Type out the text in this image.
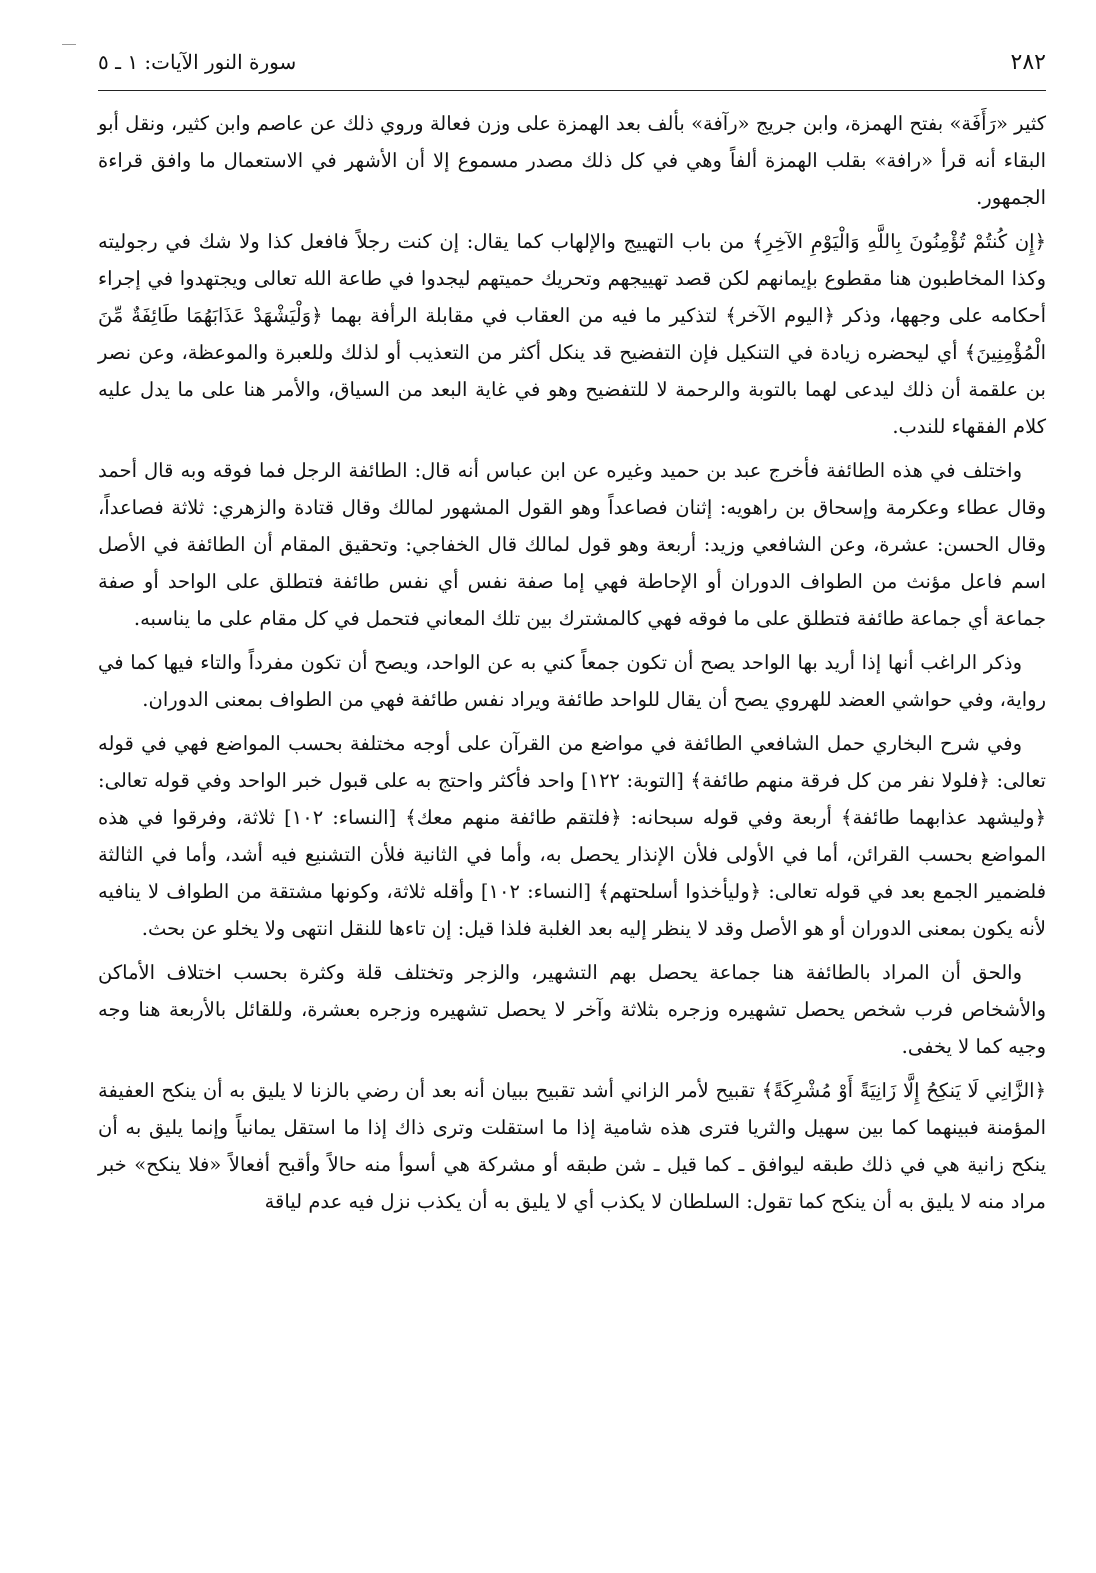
٢٨٢
سورة النور الآيات: ١ ـ ٥

كثير «رَأَفَة» بفتح الهمزة، وابن جريج «رآفة» بألف بعد الهمزة على وزن فعالة وروي ذلك عن عاصم وابن كثير، ونقل أبو البقاء أنه قرأ «رافة» بقلب الهمزة ألفاً وهي في كل ذلك مصدر مسموع إلا أن الأشهر في الاستعمال ما وافق قراءة الجمهور.

﴿إِن كُنتُمْ تُؤْمِنُونَ بِاللَّهِ وَالْيَوْمِ الآخِرِ﴾ من باب التهييج والإلهاب كما يقال: إن كنت رجلاً فافعل كذا ولا شك في رجوليته وكذا المخاطبون هنا مقطوع بإيمانهم لكن قصد تهييجهم وتحريك حميتهم ليجدوا في طاعة الله تعالى ويجتهدوا في إجراء أحكامه على وجهها، وذكر ﴿اليوم الآخر﴾ لتذكير ما فيه من العقاب في مقابلة الرأفة بهما ﴿وَلْيَشْهَدْ عَذَابَهُمَا طَائِفَةٌ مِّنَ الْمُؤْمِنِينَ﴾ أي ليحضره زيادة في التنكيل فإن التفضيح قد ينكل أكثر من التعذيب أو لذلك وللعبرة والموعظة، وعن نصر بن علقمة أن ذلك ليدعى لهما بالتوبة والرحمة لا للتفضيح وهو في غاية البعد من السياق، والأمر هنا على ما يدل عليه كلام الفقهاء للندب.

واختلف في هذه الطائفة فأخرج عبد بن حميد وغيره عن ابن عباس أنه قال: الطائفة الرجل فما فوقه وبه قال أحمد وقال عطاء وعكرمة وإسحاق بن راهويه: إثنان فصاعداً وهو القول المشهور لمالك وقال قتادة والزهري: ثلاثة فصاعداً، وقال الحسن: عشرة، وعن الشافعي وزيد: أربعة وهو قول لمالك قال الخفاجي: وتحقيق المقام أن الطائفة في الأصل اسم فاعل مؤنث من الطواف الدوران أو الإحاطة فهي إما صفة نفس أي نفس طائفة فتطلق على الواحد أو صفة جماعة أي جماعة طائفة فتطلق على ما فوقه فهي كالمشترك بين تلك المعاني فتحمل في كل مقام على ما يناسبه.

وذكر الراغب أنها إذا أريد بها الواحد يصح أن تكون جمعاً كني به عن الواحد، ويصح أن تكون مفرداً والتاء فيها كما في رواية، وفي حواشي العضد للهروي يصح أن يقال للواحد طائفة ويراد نفس طائفة فهي من الطواف بمعنى الدوران.

وفي شرح البخاري حمل الشافعي الطائفة في مواضع من القرآن على أوجه مختلفة بحسب المواضع فهي في قوله تعالى: ﴿فلولا نفر من كل فرقة منهم طائفة﴾ [التوبة: ١٢٢] واحد فأكثر واحتج به على قبول خبر الواحد وفي قوله تعالى: ﴿وليشهد عذابهما طائفة﴾ أربعة وفي قوله سبحانه: ﴿فلتقم طائفة منهم معك﴾ [النساء: ١٠٢] ثلاثة، وفرقوا في هذه المواضع بحسب القرائن، أما في الأولى فلأن الإنذار يحصل به، وأما في الثانية فلأن التشنيع فيه أشد، وأما في الثالثة فلضمير الجمع بعد في قوله تعالى: ﴿وليأخذوا أسلحتهم﴾ [النساء: ١٠٢] وأقله ثلاثة، وكونها مشتقة من الطواف لا ينافيه لأنه يكون بمعنى الدوران أو هو الأصل وقد لا ينظر إليه بعد الغلبة فلذا قيل: إن تاءها للنقل انتهى ولا يخلو عن بحث.

والحق أن المراد بالطائفة هنا جماعة يحصل بهم التشهير، والزجر وتختلف قلة وكثرة بحسب اختلاف الأماكن والأشخاص فرب شخص يحصل تشهيره وزجره بثلاثة وآخر لا يحصل تشهيره وزجره بعشرة، وللقائل بالأربعة هنا وجه وجيه كما لا يخفى.

﴿الزَّانِي لَا يَنكِحُ إِلَّا زَانِيَةً أَوْ مُشْرِكَةً﴾ تقبيح لأمر الزاني أشد تقبيح ببيان أنه بعد أن رضي بالزنا لا يليق به أن ينكح العفيفة المؤمنة فبينهما كما بين سهيل والثريا فترى هذه شامية إذا ما استقلت وترى ذاك إذا ما استقل يمانياً وإنما يليق به أن ينكح زانية هي في ذلك طبقه ليوافق ـ كما قيل ـ شن طبقه أو مشركة هي أسوأ منه حالاً وأقبح أفعالاً «فلا ينكح» خبر مراد منه لا يليق به أن ينكح كما تقول: السلطان لا يكذب أي لا يليق به أن يكذب نزل فيه عدم لياقة
